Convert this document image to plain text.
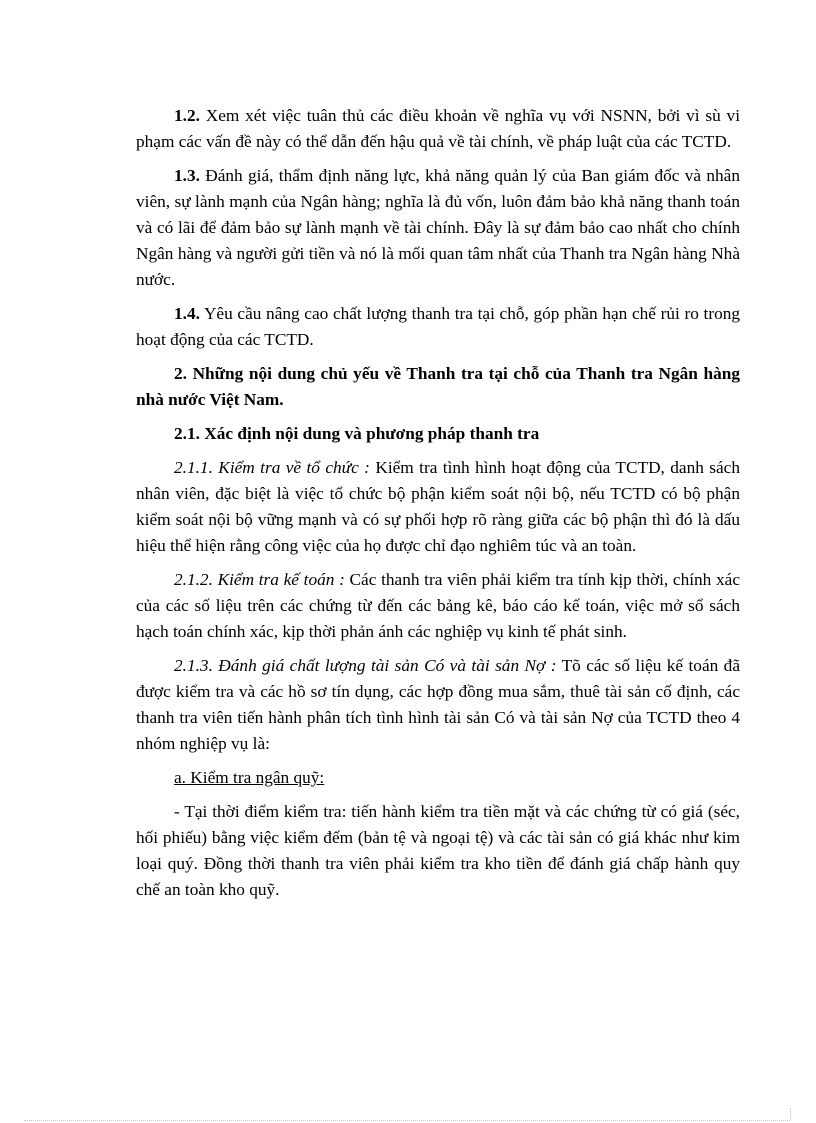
1.2. Xem xét việc tuân thủ các điều khoản về nghĩa vụ với NSNN, bởi vì sù vi phạm các vấn đề này có thể dẫn đến hậu quả về tài chính, về pháp luật của các TCTD.

1.3. Đánh giá, thẩm định năng lực, khả năng quản lý của Ban giám đốc và nhân viên, sự lành mạnh của Ngân hàng; nghĩa là đủ vốn, luôn đảm bảo khả năng thanh toán và có lãi để đảm bảo sự lành mạnh về tài chính. Đây là sự đảm bảo cao nhất cho chính Ngân hàng và người gửi tiền và nó là mối quan tâm nhất của Thanh tra Ngân hàng Nhà nước.

1.4. Yêu cầu nâng cao chất lượng thanh tra tại chỗ, góp phần hạn chế rủi ro trong hoạt động của các TCTD.

2. Những nội dung chủ yếu về Thanh tra tại chỗ của Thanh tra Ngân hàng nhà nước Việt Nam.

2.1. Xác định nội dung và phương pháp thanh tra

2.1.1. Kiểm tra về tổ chức : Kiểm tra tình hình hoạt động của TCTD, danh sách nhân viên, đặc biệt là việc tổ chức bộ phận kiểm soát nội bộ, nếu TCTD có bộ phận kiểm soát nội bộ vững mạnh và có sự phối hợp rõ ràng giữa các bộ phận thì đó là dấu hiệu thể hiện rằng công việc của họ được chỉ đạo nghiêm túc và an toàn.

2.1.2. Kiểm tra kế toán : Các thanh tra viên phải kiểm tra tính kịp thời, chính xác của các số liệu trên các chứng từ đến các bảng kê, báo cáo kế toán, việc mở sổ sách hạch toán chính xác, kịp thời phản ánh các nghiệp vụ kinh tế phát sinh.

2.1.3. Đánh giá chất lượng tài sản Có và tài sản Nợ : Tõ các số liệu kế toán đã được kiểm tra và các hồ sơ tín dụng, các hợp đồng mua sắm, thuê tài sản cố định, các thanh tra viên tiến hành phân tích tình hình tài sản Có và tài sản Nợ của TCTD theo 4 nhóm nghiệp vụ là:

a. Kiểm tra ngân quỹ:

- Tại thời điểm kiểm tra: tiến hành kiểm tra tiền mặt và các chứng từ có giá (séc, hối phiếu) bằng việc kiểm đếm (bản tệ và ngoại tệ) và các tài sản có giá khác như kim loại quý. Đồng thời thanh tra viên phải kiểm tra kho tiền để đánh giá chấp hành quy chế an toàn kho quỹ.
